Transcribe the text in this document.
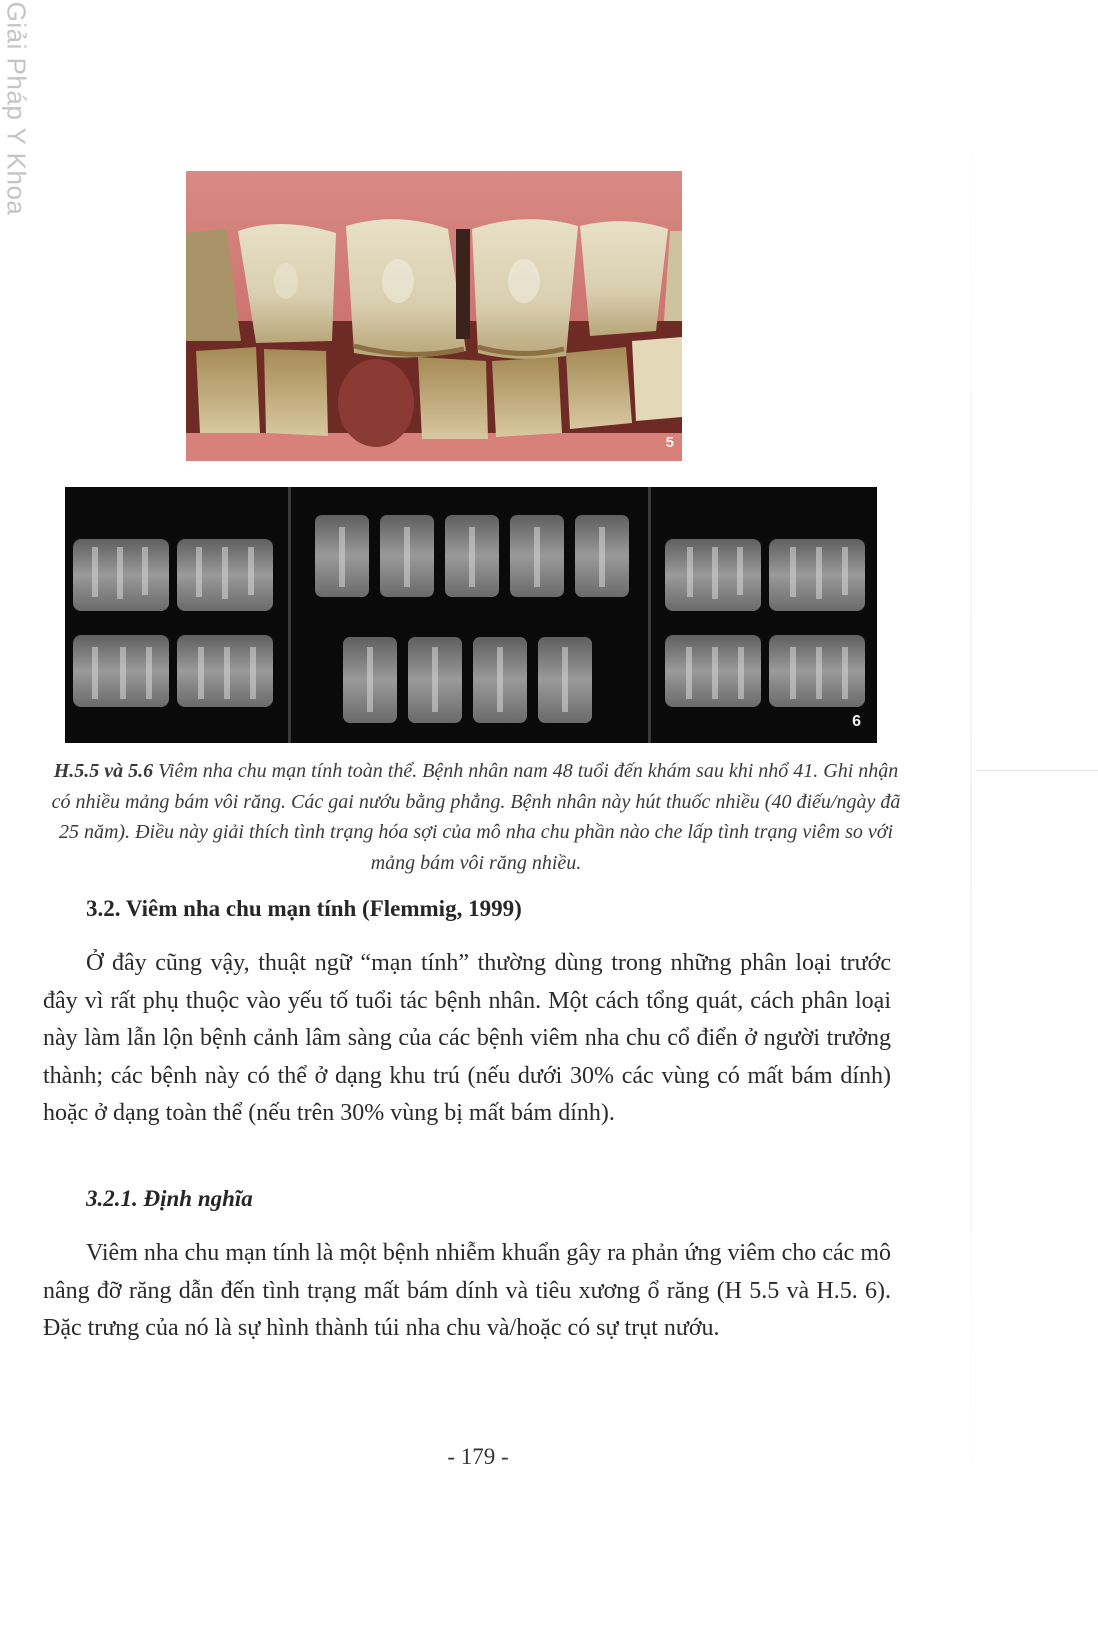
Giải Pháp Y Khoa
5
6
H.5.5 và 5.6 Viêm nha chu mạn tính toàn thể. Bệnh nhân nam 48 tuổi đến khám sau khi nhổ 41. Ghi nhận có nhiều mảng bám vôi răng. Các gai nướu bằng phẳng. Bệnh nhân này hút thuốc nhiều (40 điếu/ngày đã 25 năm). Điều này giải thích tình trạng hóa sợi của mô nha chu phần nào che lấp tình trạng viêm so với mảng bám vôi răng nhiều.
3.2. Viêm nha chu mạn tính (Flemmig, 1999)

Ở đây cũng vậy, thuật ngữ “mạn tính” thường dùng trong những phân loại trước đây vì rất phụ thuộc vào yếu tố tuổi tác bệnh nhân. Một cách tổng quát, cách phân loại này làm lẫn lộn bệnh cảnh lâm sàng của các bệnh viêm nha chu cổ điển ở người trưởng thành; các bệnh này có thể ở dạng khu trú (nếu dưới 30% các vùng có mất bám dính) hoặc ở dạng toàn thể (nếu trên 30% vùng bị mất bám dính).

3.2.1. Định nghĩa

Viêm nha chu mạn tính là một bệnh nhiễm khuẩn gây ra phản ứng viêm cho các mô nâng đỡ răng dẫn đến tình trạng mất bám dính và tiêu xương ổ răng (H 5.5 và H.5. 6). Đặc trưng của nó là sự hình thành túi nha chu và/hoặc có sự trụt nướu.

- 179 -
